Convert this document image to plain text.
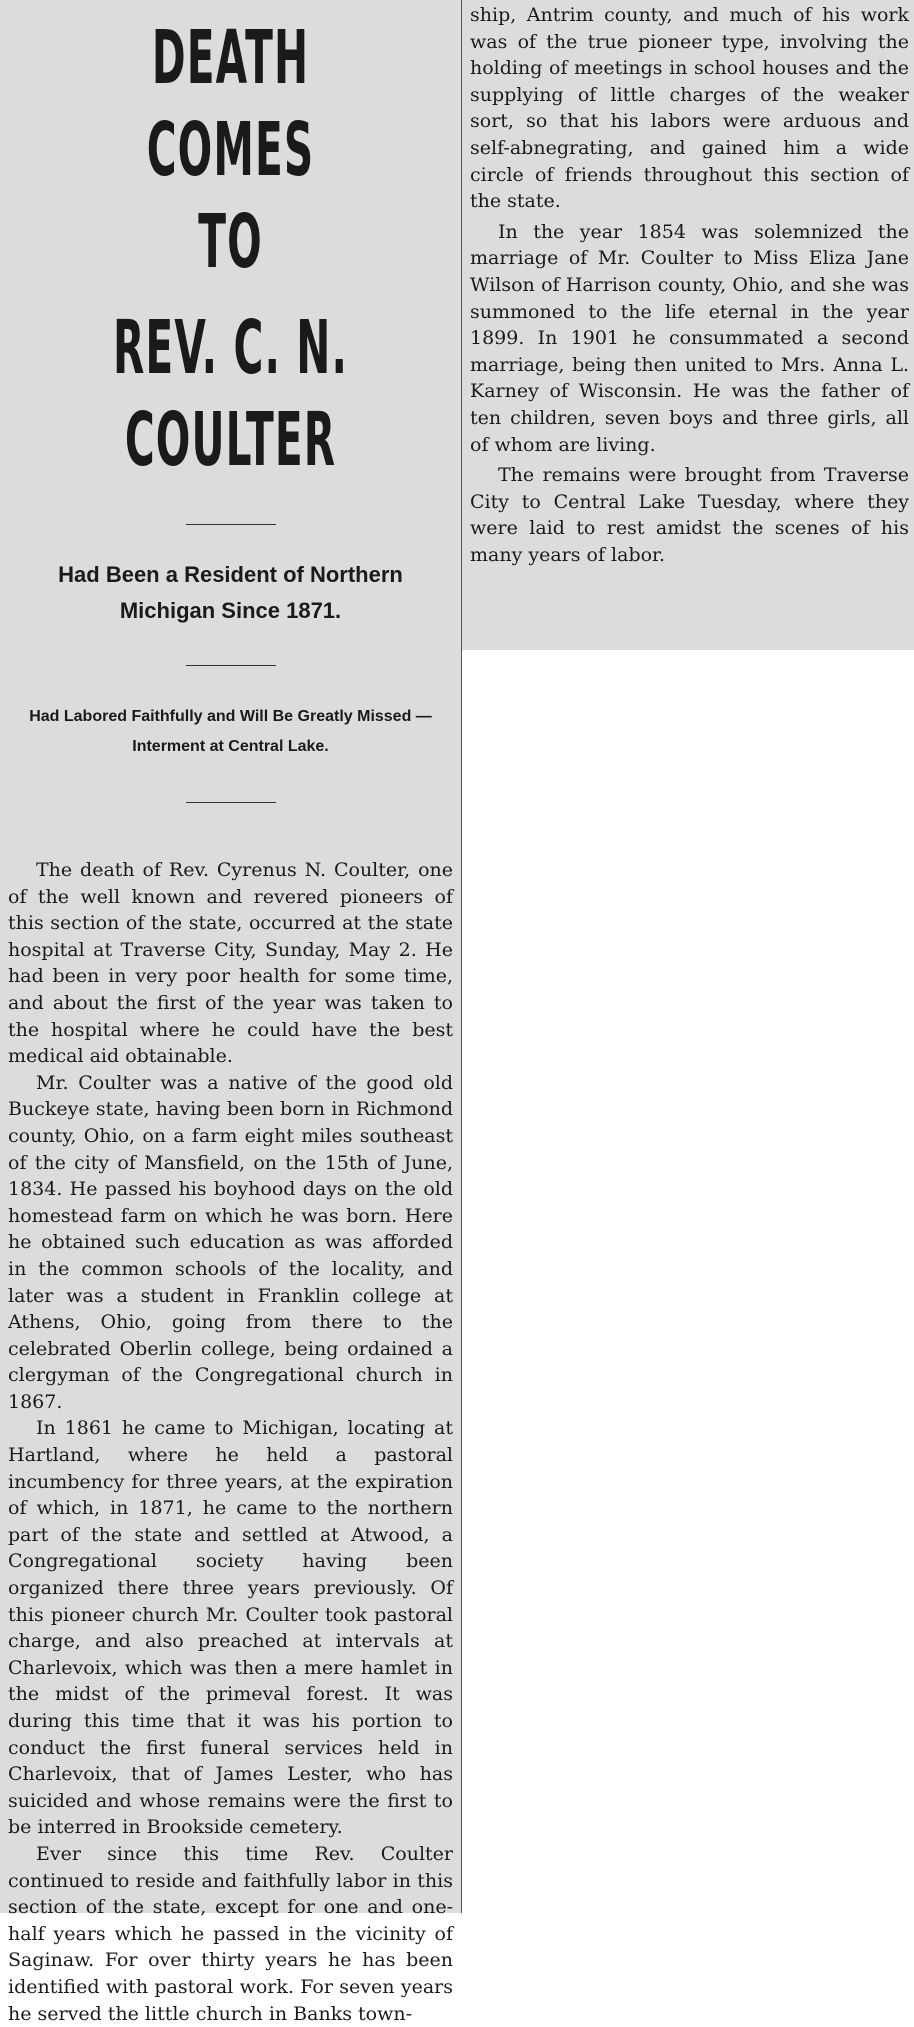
DEATH COMES TO
REV. C. N. COULTER
Had Been a Resident of Northern Michigan Since 1871.
Had Labored Faithfully and Will Be Greatly Missed —Interment at Central Lake.

The death of Rev. Cyrenus N. Coulter, one of the well known and revered pioneers of this section of the state, occurred at the state hospital at Traverse City, Sunday, May 2. He had been in very poor health for some time, and about the first of the year was taken to the hospital where he could have the best medical aid obtainable.

Mr. Coulter was a native of the good old Buckeye state, having been born in Richmond county, Ohio, on a farm eight miles southeast of the city of Mansfield, on the 15th of June, 1834. He passed his boyhood days on the old homestead farm on which he was born. Here he obtained such education as was afforded in the common schools of the locality, and later was a student in Franklin college at Athens, Ohio, going from there to the celebrated Oberlin college, being ordained a clergyman of the Congregational church in 1867.

In 1861 he came to Michigan, locating at Hartland, where he held a pastoral incumbency for three years, at the expiration of which, in 1871, he came to the northern part of the state and settled at Atwood, a Congregational society having been organized there three years previously. Of this pioneer church Mr. Coulter took pastoral charge, and also preached at intervals at Charlevoix, which was then a mere hamlet in the midst of the primeval forest. It was during this time that it was his portion to conduct the first funeral services held in Charlevoix, that of James Lester, who has suicided and whose remains were the first to be interred in Brookside cemetery.

Ever since this time Rev. Coulter continued to reside and faithfully labor in this section of the state, except for one and one-half years which he passed in the vicinity of Saginaw. For over thirty years he has been identified with pastoral work. For seven years he served the little church in Banks town-

ship, Antrim county, and much of his work was of the true pioneer type, involving the holding of meetings in school houses and the supplying of little charges of the weaker sort, so that his labors were arduous and self-abnegrating, and gained him a wide circle of friends throughout this section of the state.

In the year 1854 was solemnized the marriage of Mr. Coulter to Miss Eliza Jane Wilson of Harrison county, Ohio, and she was summoned to the life eternal in the year 1899. In 1901 he consummated a second marriage, being then united to Mrs. Anna L. Karney of Wisconsin. He was the father of ten children, seven boys and three girls, all of whom are living.

The remains were brought from Traverse City to Central Lake Tuesday, where they were laid to rest amidst the scenes of his many years of labor.
